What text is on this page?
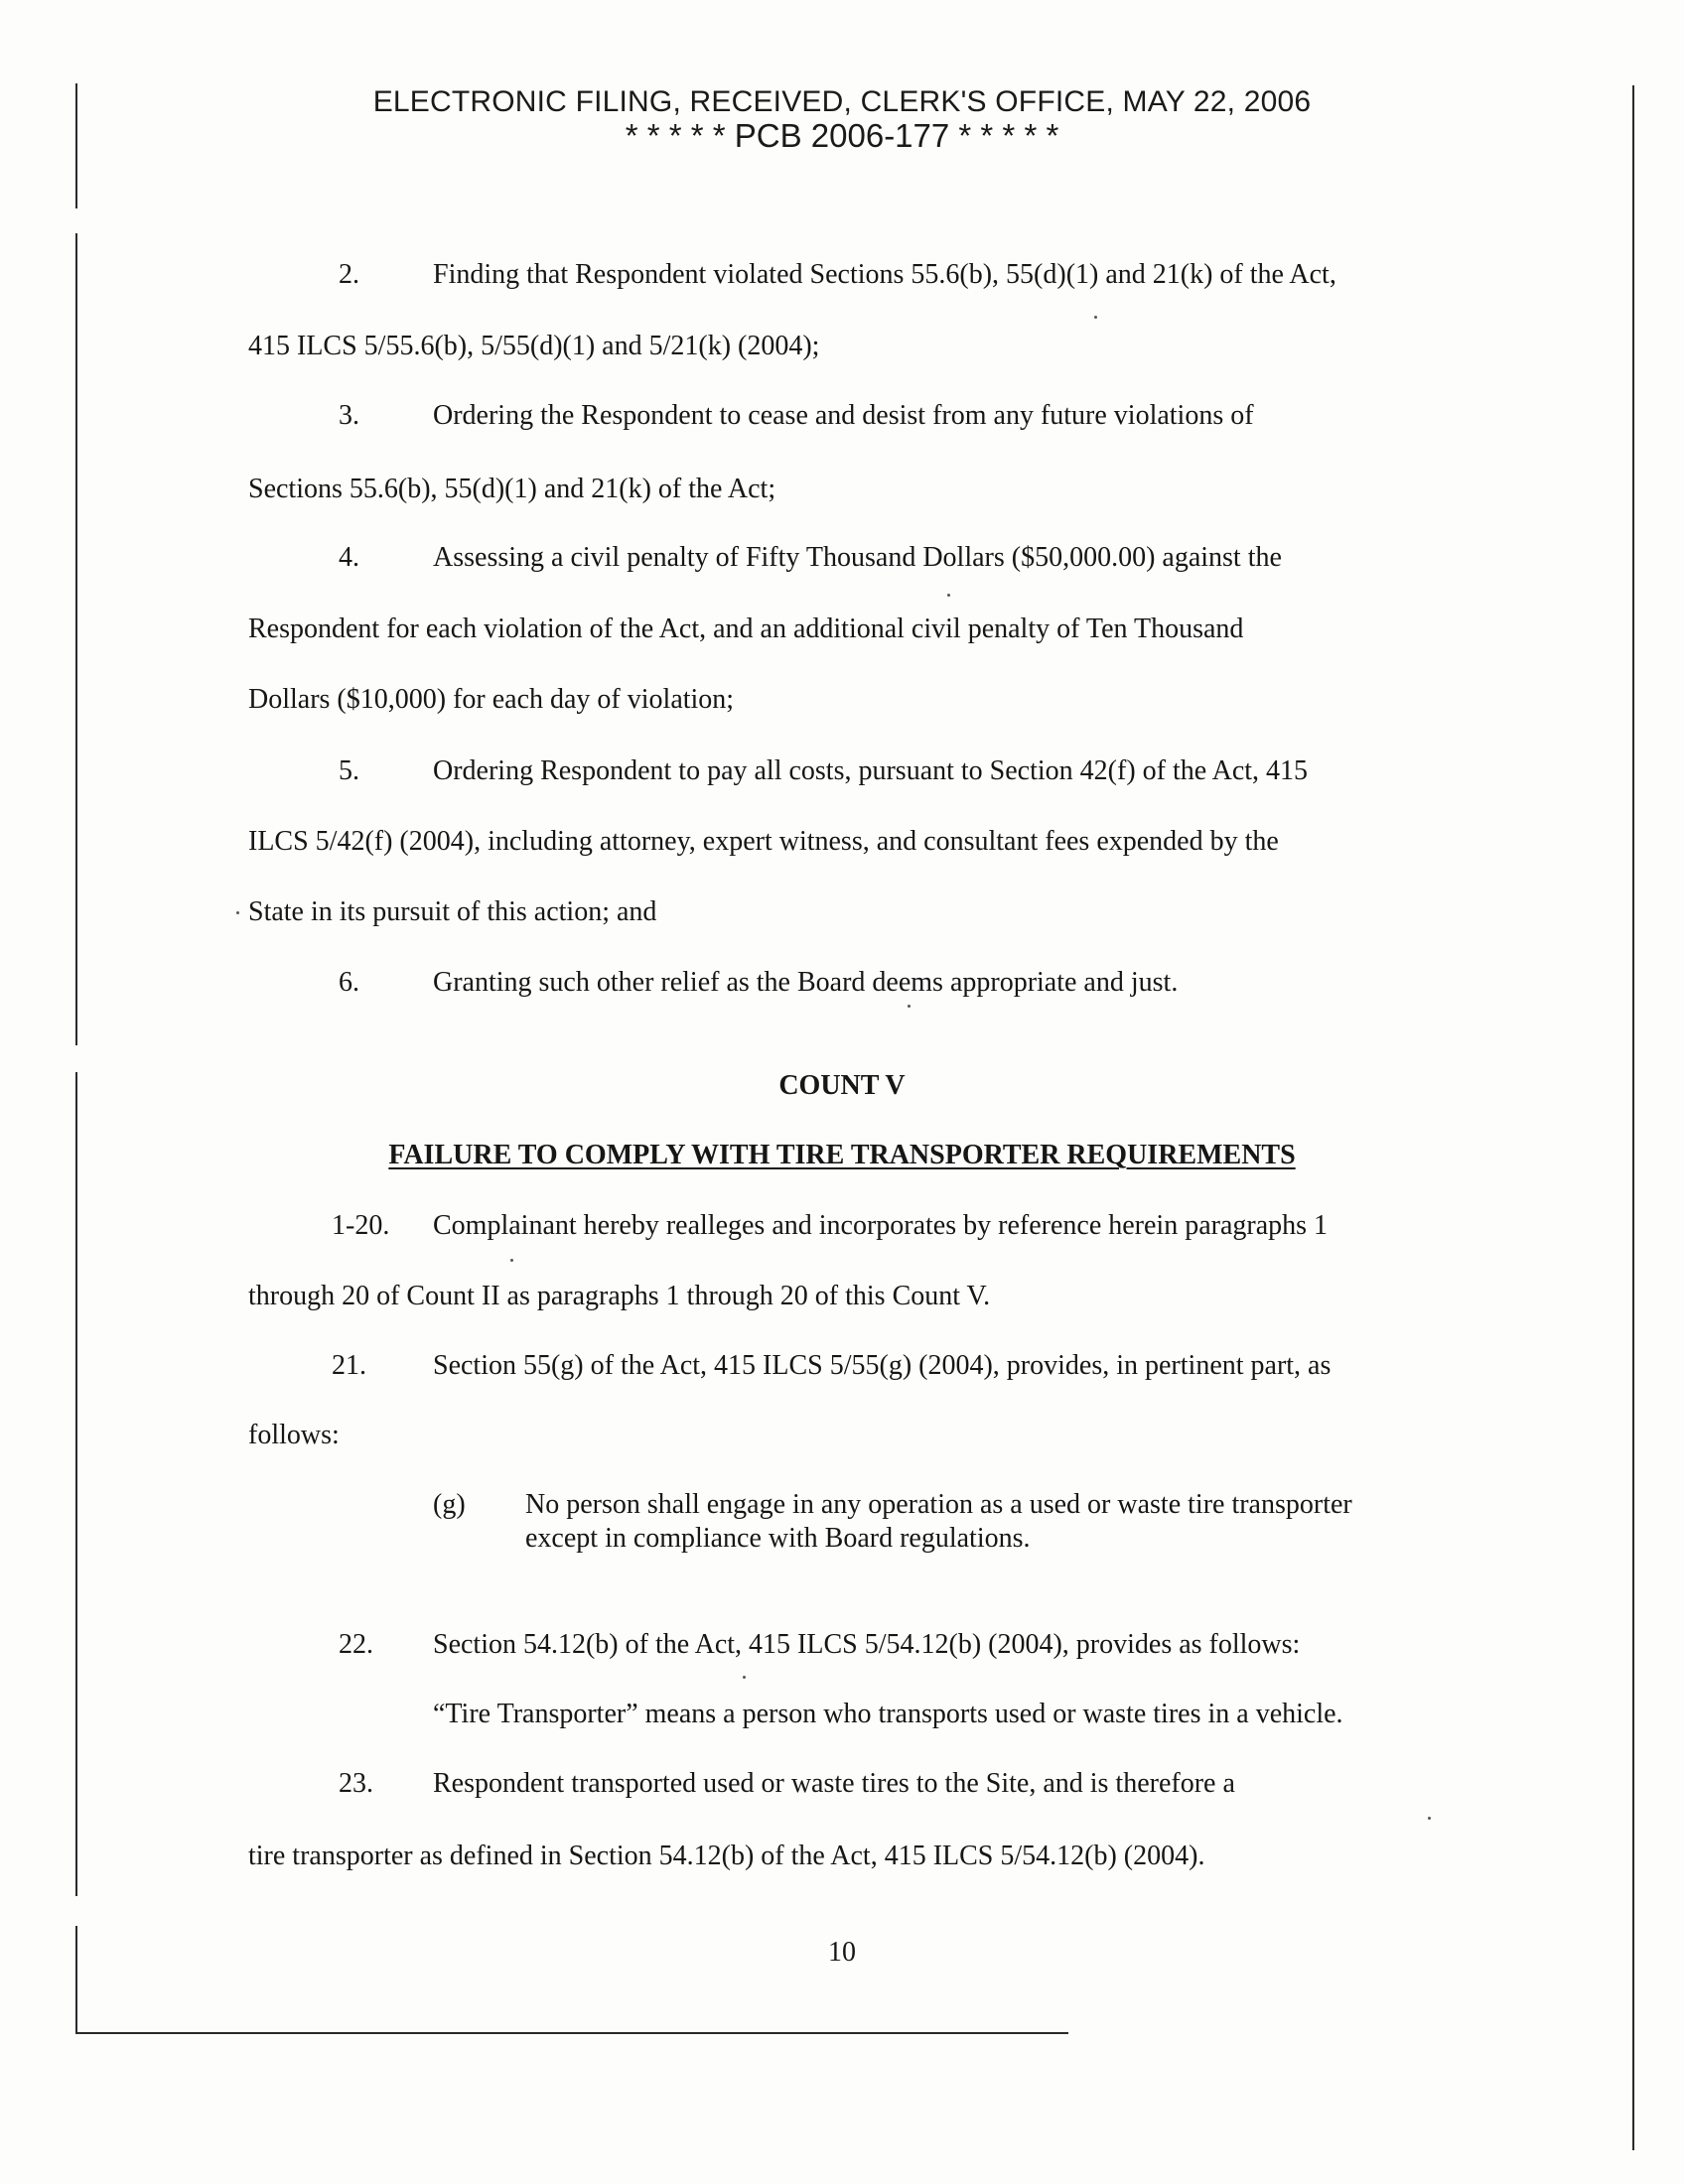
ELECTRONIC FILING, RECEIVED, CLERK'S OFFICE, MAY 22, 2006
* * * * * PCB 2006-177 * * * * *
2.	Finding that Respondent violated Sections 55.6(b), 55(d)(1) and 21(k) of the Act,
415 ILCS 5/55.6(b), 5/55(d)(1) and 5/21(k) (2004);
3.	Ordering the Respondent to cease and desist from any future violations of
Sections 55.6(b), 55(d)(1) and 21(k) of the Act;
4.	Assessing a civil penalty of Fifty Thousand Dollars ($50,000.00) against the
Respondent for each violation of the Act, and an additional civil penalty of Ten Thousand
Dollars ($10,000) for each day of violation;
5.	Ordering Respondent to pay all costs, pursuant to Section 42(f) of the Act, 415
ILCS 5/42(f) (2004), including attorney, expert witness, and consultant fees expended by the
State in its pursuit of this action; and
6.	Granting such other relief as the Board deems appropriate and just.
COUNT V
FAILURE TO COMPLY WITH TIRE TRANSPORTER REQUIREMENTS
1-20. Complainant hereby realleges and incorporates by reference herein paragraphs 1
through 20 of Count II as paragraphs 1 through 20 of this Count V.
21. Section 55(g) of the Act, 415 ILCS 5/55(g) (2004), provides, in pertinent part, as
follows:
(g) No person shall engage in any operation as a used or waste tire transporter
except in compliance with Board regulations.
22. Section 54.12(b) of the Act, 415 ILCS 5/54.12(b) (2004), provides as follows:
“Tire Transporter” means a person who transports used or waste tires in a vehicle.
23. Respondent transported used or waste tires to the Site, and is therefore a
tire transporter as defined in Section 54.12(b) of the Act, 415 ILCS 5/54.12(b) (2004).
10
